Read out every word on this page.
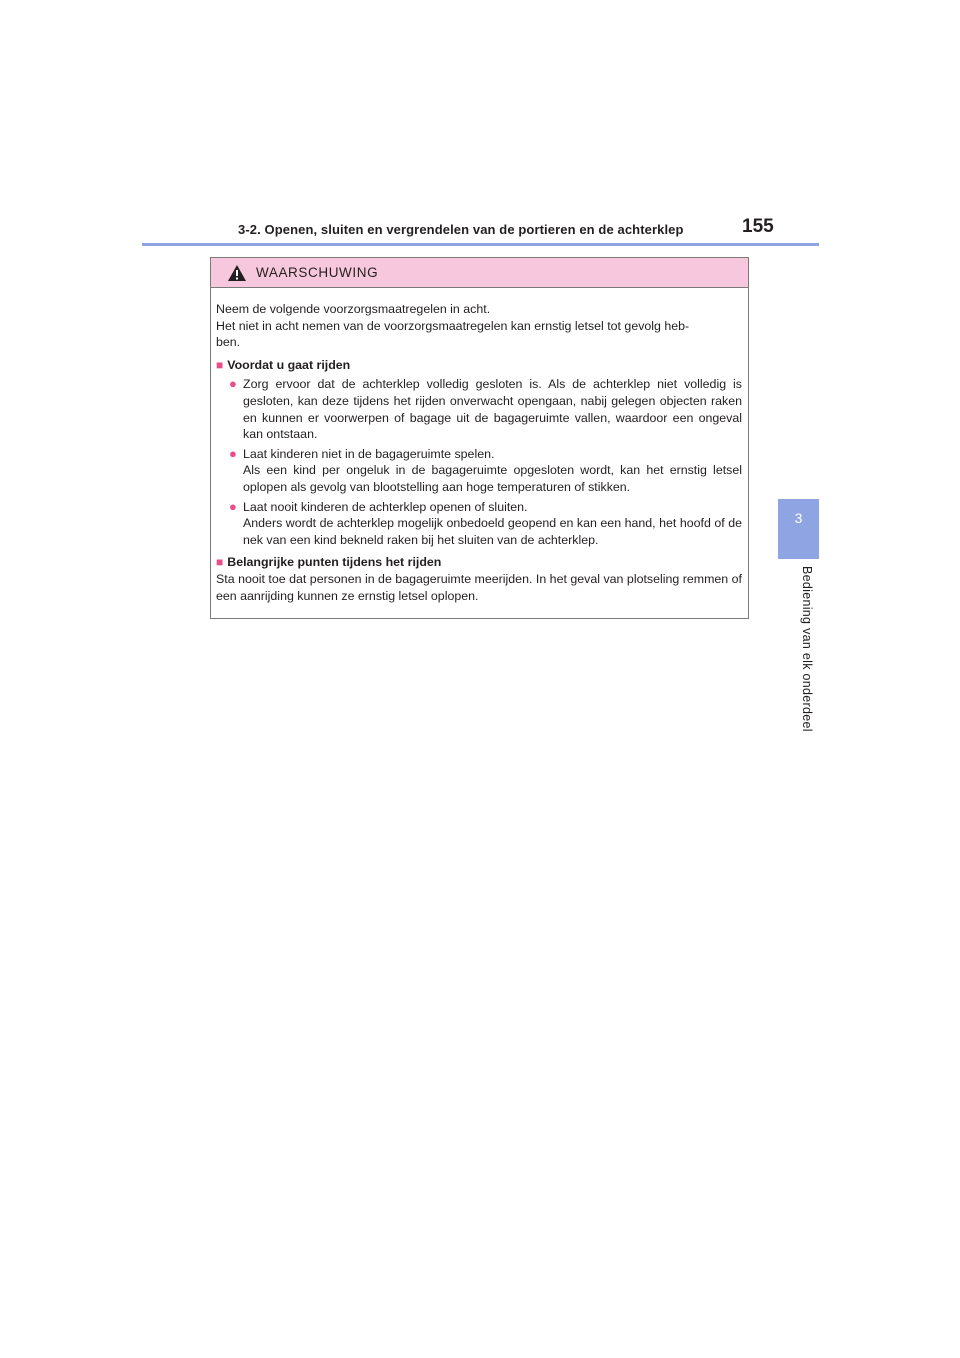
3-2. Openen, sluiten en vergrendelen van de portieren en de achterklep	155
3
Bediening van elk onderdeel
WAARSCHUWING

Neem de volgende voorzorgsmaatregelen in acht.
Het niet in acht nemen van de voorzorgsmaatregelen kan ernstig letsel tot gevolg heb-
ben.

■ Voordat u gaat rijden
● Zorg ervoor dat de achterklep volledig gesloten is. Als de achterklep niet volledig is gesloten, kan deze tijdens het rijden onverwacht opengaan, nabij gelegen objecten raken en kunnen er voorwerpen of bagage uit de bagageruimte vallen, waardoor een ongeval kan ontstaan.
● Laat kinderen niet in de bagageruimte spelen.
Als een kind per ongeluk in de bagageruimte opgesloten wordt, kan het ernstig letsel oplopen als gevolg van blootstelling aan hoge temperaturen of stikken.
● Laat nooit kinderen de achterklep openen of sluiten.
Anders wordt de achterklep mogelijk onbedoeld geopend en kan een hand, het hoofd of de nek van een kind bekneld raken bij het sluiten van de achterklep.
■ Belangrijke punten tijdens het rijden

Sta nooit toe dat personen in de bagageruimte meerijden. In het geval van plotseling remmen of een aanrijding kunnen ze ernstig letsel oplopen.
